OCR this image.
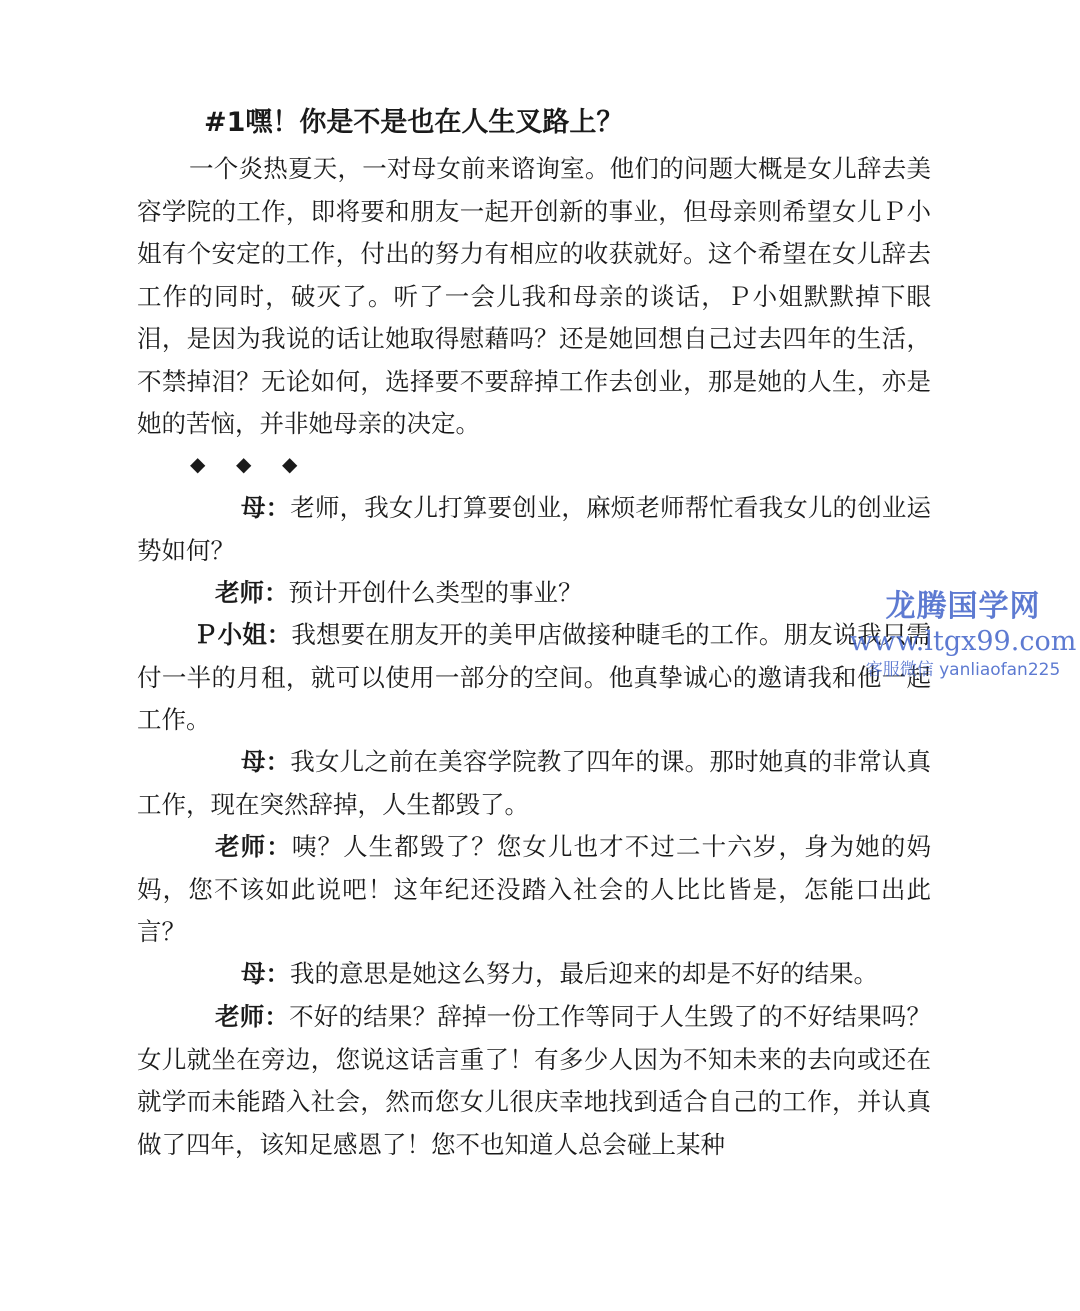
#1嘿！你是不是也在人生叉路上？

一个炎热夏天，一对母女前来谘询室。他们的问题大概是女儿辞去美容学院的工作，即将要和朋友一起开创新的事业，但母亲则希望女儿Ｐ小姐有个安定的工作，付出的努力有相应的收获就好。这个希望在女儿辞去工作的同时，破灭了。听了一会儿我和母亲的谈话，Ｐ小姐默默掉下眼泪，是因为我说的话让她取得慰藉吗？还是她回想自己过去四年的生活，不禁掉泪？无论如何，选择要不要辞掉工作去创业，那是她的人生，亦是她的苦恼，并非她母亲的决定。

◆ ◆ ◆

母：老师，我女儿打算要创业，麻烦老师帮忙看我女儿的创业运势如何？

老师：预计开创什么类型的事业？

Ｐ小姐：我想要在朋友开的美甲店做接种睫毛的工作。朋友说我只需付一半的月租，就可以使用一部分的空间。他真挚诚心的邀请我和他一起工作。

母：我女儿之前在美容学院教了四年的课。那时她真的非常认真工作，现在突然辞掉，人生都毁了。

老师：咦？人生都毁了？您女儿也才不过二十六岁，身为她的妈妈，您不该如此说吧！这年纪还没踏入社会的人比比皆是，怎能口出此言？

母：我的意思是她这么努力，最后迎来的却是不好的结果。

老师：不好的结果？辞掉一份工作等同于人生毁了的不好结果吗？女儿就坐在旁边，您说这话言重了！有多少人因为不知未来的去向或还在就学而未能踏入社会，然而您女儿很庆幸地找到适合自己的工作，并认真做了四年，该知足感恩了！您不也知道人总会碰上某种

龙腾国学网
www.ltgx99.com
客服微信 yanliaofan225
